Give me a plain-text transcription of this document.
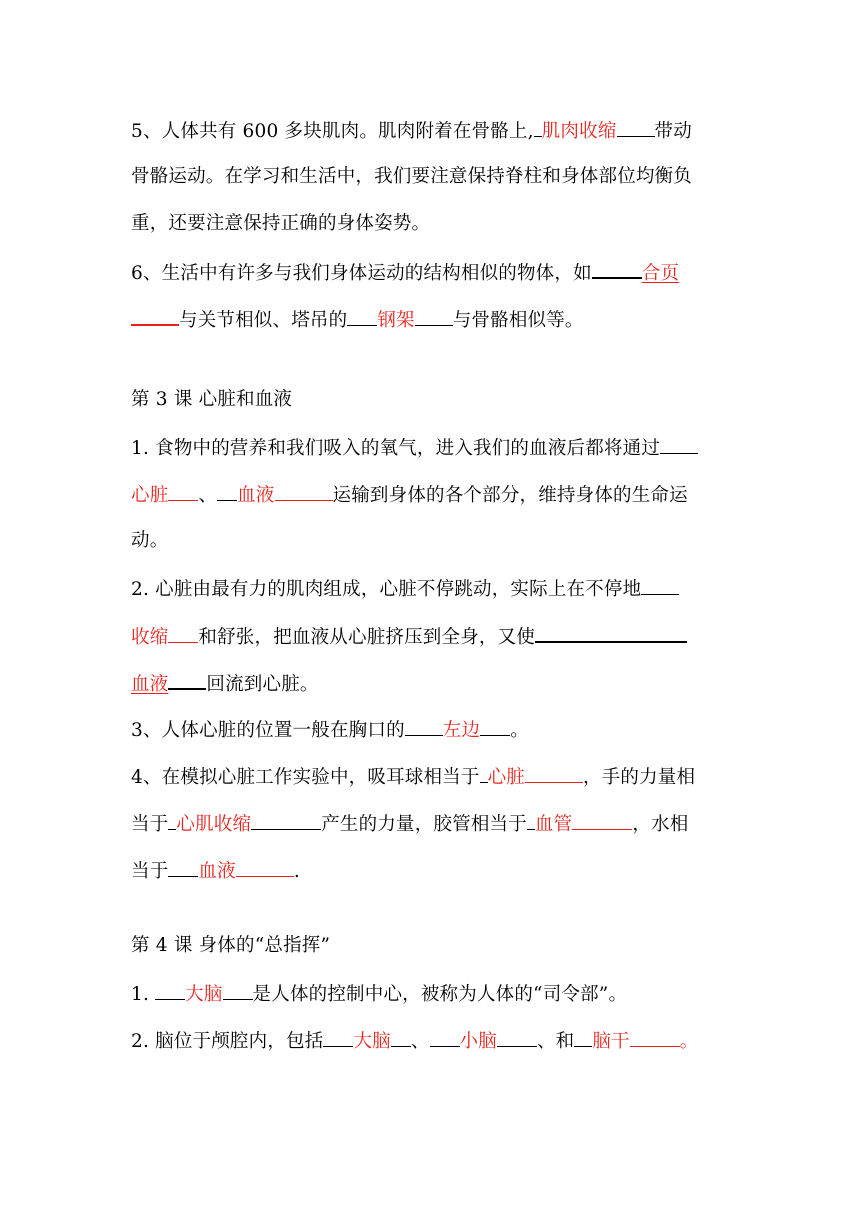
5、人体共有 600 多块肌肉。肌肉附着在骨骼上, 肌肉收缩 带动
骨骼运动。在学习和生活中，我们要注意保持脊柱和身体部位均衡负
重，还要注意保持正确的身体姿势。
6、生活中有许多与我们身体运动的结构相似的物体，如	合页
与关节相似、塔吊的 钢架 与骨骼相似等。
第 3 课 心脏和血液
1. 食物中的营养和我们吸入的氧气，进入我们的血液后都将通过
心脏 、 血液	运输到身体的各个部分，维持身体的生命运
动。
2. 心脏由最有力的肌肉组成，心脏不停跳动，实际上在不停地
收缩 和舒张，把血液从心脏挤压到全身，又使
血液 回流到心脏。
3、人体心脏的位置一般在胸口的 左边 。
4、在模拟心脏工作实验中，吸耳球相当于 心脏	，手的力量相
当于 心肌收缩	产生的力量，胶管相当于 血管	，水相
当于 血液	.
第 4 课 身体的“总指挥”
1. 大脑 是人体的控制中心，被称为人体的“司令部”。
2. 脑位于颅腔内，包括 大脑 、 小脑 、和 脑干	。
